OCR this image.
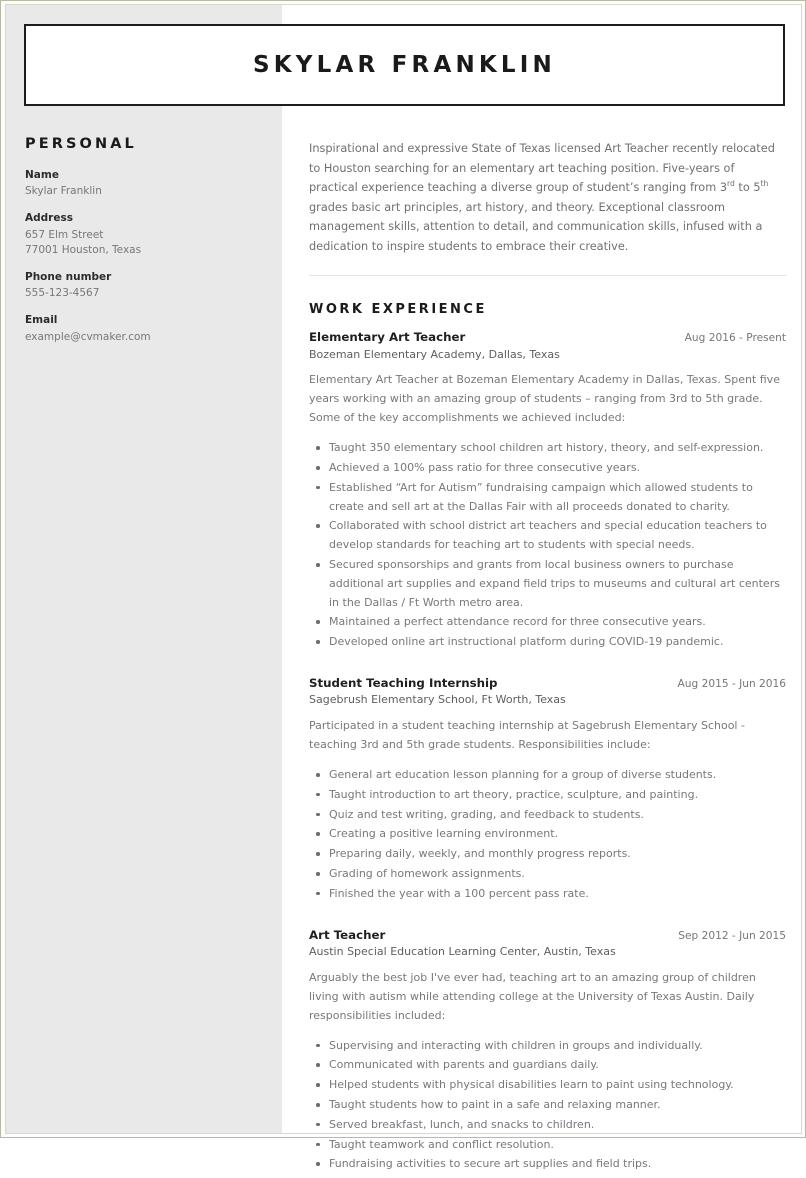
SKYLAR FRANKLIN
PERSONAL
Name
Skylar Franklin
Address
657 Elm Street
77001 Houston, Texas
Phone number
555-123-4567
Email
example@cvmaker.com

Inspirational and expressive State of Texas licensed Art Teacher recently relocated to Houston searching for an elementary art teaching position. Five-years of practical experience teaching a diverse group of student’s ranging from 3rd to 5th grades basic art principles, art history, and theory. Exceptional classroom management skills, attention to detail, and communication skills, infused with a dedication to inspire students to embrace their creative.

WORK EXPERIENCE
Elementary Art Teacher	Aug 2016 - Present
Bozeman Elementary Academy, Dallas, Texas

Elementary Art Teacher at Bozeman Elementary Academy in Dallas, Texas. Spent five years working with an amazing group of students – ranging from 3rd to 5th grade. Some of the key accomplishments we achieved included:

Taught 350 elementary school children art history, theory, and self-expression.
Achieved a 100% pass ratio for three consecutive years.
Established “Art for Autism” fundraising campaign which allowed students to create and sell art at the Dallas Fair with all proceeds donated to charity.
Collaborated with school district art teachers and special education teachers to develop standards for teaching art to students with special needs.
Secured sponsorships and grants from local business owners to purchase additional art supplies and expand field trips to museums and cultural art centers in the Dallas / Ft Worth metro area.
Maintained a perfect attendance record for three consecutive years.
Developed online art instructional platform during COVID-19 pandemic.
Student Teaching Internship	Aug 2015 - Jun 2016
Sagebrush Elementary School, Ft Worth, Texas

Participated in a student teaching internship at Sagebrush Elementary School - teaching 3rd and 5th grade students. Responsibilities include:

General art education lesson planning for a group of diverse students.
Taught introduction to art theory, practice, sculpture, and painting.
Quiz and test writing, grading, and feedback to students.
Creating a positive learning environment.
Preparing daily, weekly, and monthly progress reports.
Grading of homework assignments.
Finished the year with a 100 percent pass rate.
Art Teacher	Sep 2012 - Jun 2015
Austin Special Education Learning Center, Austin, Texas

Arguably the best job I've ever had, teaching art to an amazing group of children living with autism while attending college at the University of Texas Austin. Daily responsibilities included:

Supervising and interacting with children in groups and individually.
Communicated with parents and guardians daily.
Helped students with physical disabilities learn to paint using technology.
Taught students how to paint in a safe and relaxing manner.
Served breakfast, lunch, and snacks to children.
Taught teamwork and conflict resolution.
Fundraising activities to secure art supplies and field trips.
